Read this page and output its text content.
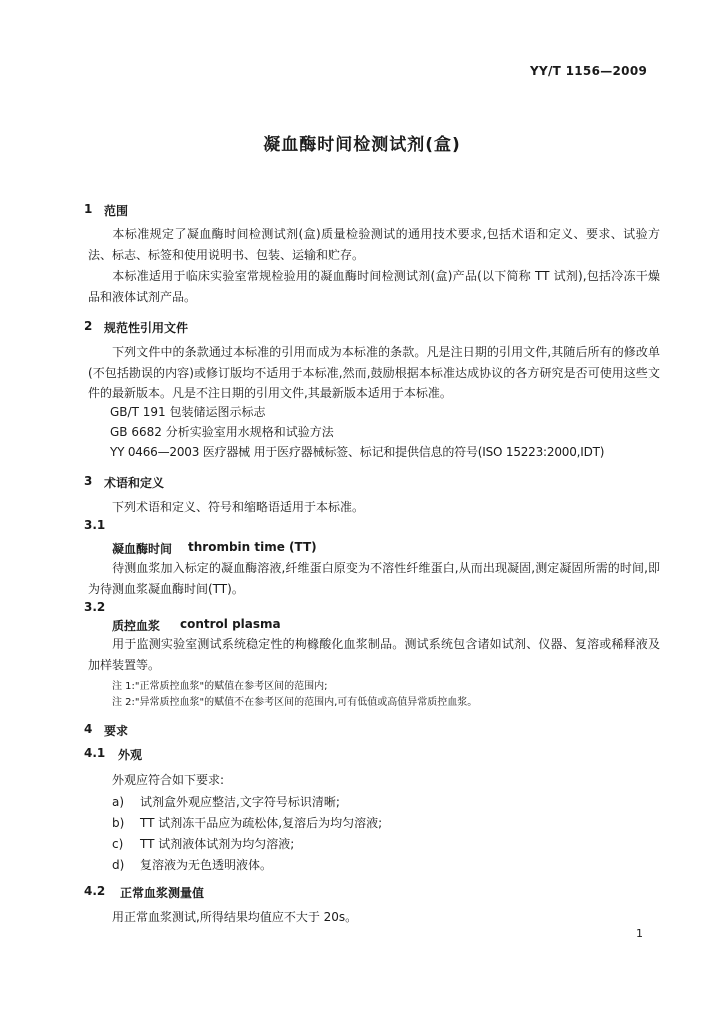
YY/T 1156—2009
凝血酶时间检测试剂(盒)
1 范围
本标准规定了凝血酶时间检测试剂(盒)质量检验测试的通用技术要求,包括术语和定义、要求、试验方法、标志、标签和使用说明书、包装、运输和贮存。
本标准适用于临床实验室常规检验用的凝血酶时间检测试剂(盒)产品(以下简称 TT 试剂),包括冷冻干燥品和液体试剂产品。
2 规范性引用文件
下列文件中的条款通过本标准的引用而成为本标准的条款。凡是注日期的引用文件,其随后所有的修改单(不包括勘误的内容)或修订版均不适用于本标准,然而,鼓励根据本标准达成协议的各方研究是否可使用这些文件的最新版本。凡是不注日期的引用文件,其最新版本适用于本标准。
GB/T 191 包装储运图示标志
GB 6682 分析实验室用水规格和试验方法
YY 0466—2003 医疗器械 用于医疗器械标签、标记和提供信息的符号(ISO 15223:2000,IDT)
3 术语和定义
下列术语和定义、符号和缩略语适用于本标准。
3.1
凝血酶时间 thrombin time (TT)
待测血浆加入标定的凝血酶溶液,纤维蛋白原变为不溶性纤维蛋白,从而出现凝固,测定凝固所需的时间,即为待测血浆凝血酶时间(TT)。
3.2
质控血浆 control plasma
用于监测实验室测试系统稳定性的枸橼酸化血浆制品。测试系统包含诸如试剂、仪器、复溶或稀释液及加样装置等。
注 1:"正常质控血浆"的赋值在参考区间的范围内;
注 2:"异常质控血浆"的赋值不在参考区间的范围内,可有低值或高值异常质控血浆。
4 要求
4.1 外观
外观应符合如下要求:
a) 试剂盒外观应整洁,文字符号标识清晰;
b) TT 试剂冻干品应为疏松体,复溶后为均匀溶液;
c) TT 试剂液体试剂为均匀溶液;
d) 复溶液为无色透明液体。
4.2 正常血浆测量值
用正常血浆测试,所得结果均值应不大于 20s。
1
